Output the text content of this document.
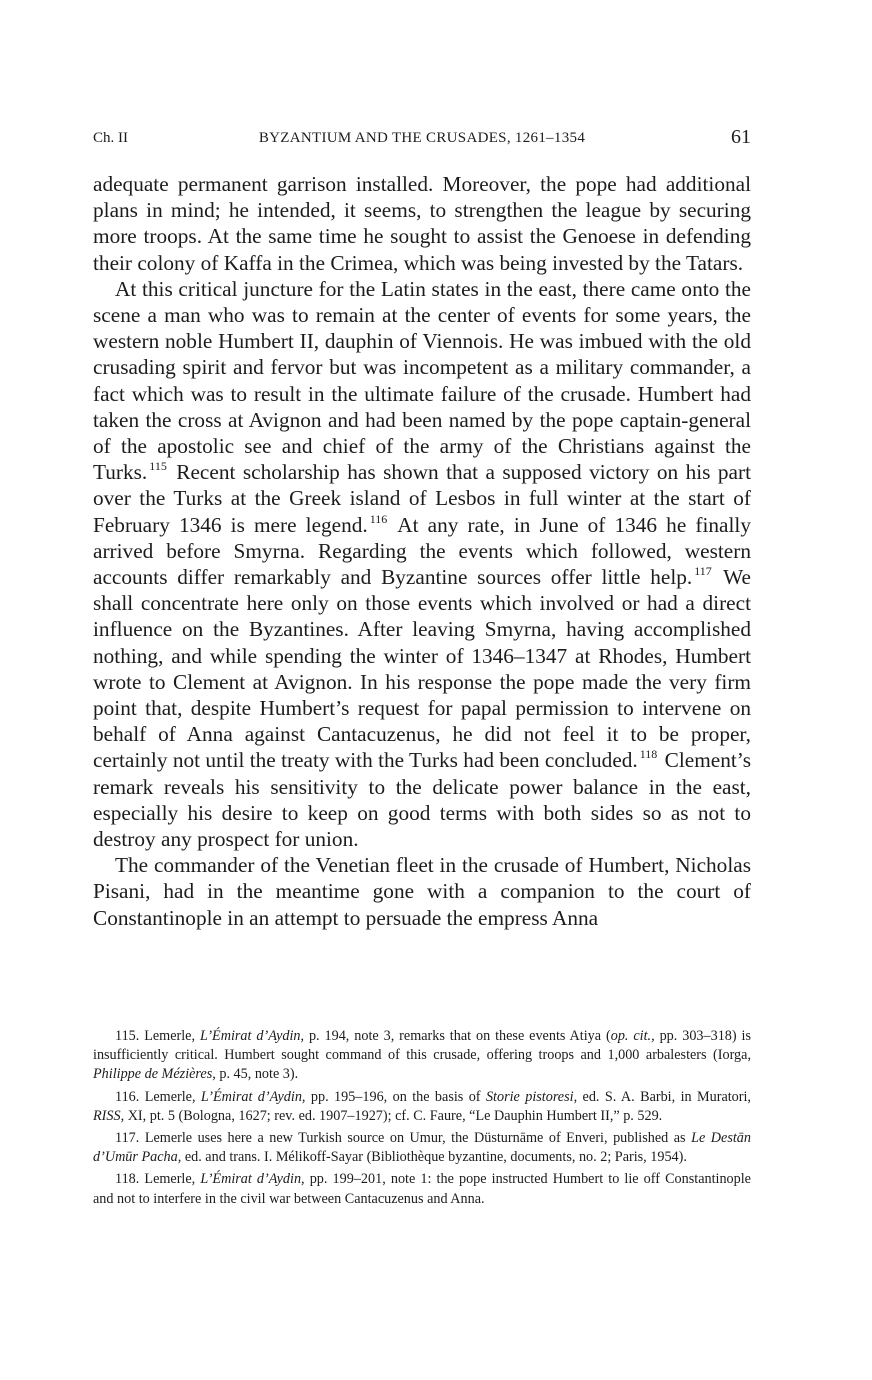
Ch. II	BYZANTIUM AND THE CRUSADES, 1261–1354	61

adequate permanent garrison installed. Moreover, the pope had additional plans in mind; he intended, it seems, to strengthen the league by securing more troops. At the same time he sought to assist the Genoese in defending their colony of Kaffa in the Crimea, which was being invested by the Tatars.

At this critical juncture for the Latin states in the east, there came onto the scene a man who was to remain at the center of events for some years, the western noble Humbert II, dauphin of Viennois. He was imbued with the old crusading spirit and fervor but was incompetent as a military commander, a fact which was to result in the ultimate failure of the crusade. Humbert had taken the cross at Avignon and had been named by the pope captain-general of the apostolic see and chief of the army of the Christians against the Turks. $^{115}$ Recent scholarship has shown that a supposed victory on his part over the Turks at the Greek island of Lesbos in full winter at the start of February 1346 is mere legend. $^{116}$ At any rate, in June of 1346 he finally arrived before Smyrna. Regarding the events which followed, western accounts differ remarkably and Byzantine sources offer little help. $^{117}$ We shall concentrate here only on those events which involved or had a direct influence on the Byzantines. After leaving Smyrna, having accomplished nothing, and while spending the winter of 1346–1347 at Rhodes, Humbert wrote to Clement at Avignon. In his response the pope made the very firm point that, despite Humbert’s request for papal permission to intervene on behalf of Anna against Cantacuzenus, he did not feel it to be proper, certainly not until the treaty with the Turks had been concluded. $^{118}$ Clement’s remark reveals his sensitivity to the delicate power balance in the east, especially his desire to keep on good terms with both sides so as not to destroy any prospect for union.

The commander of the Venetian fleet in the crusade of Humbert, Nicholas Pisani, had in the meantime gone with a companion to the court of Constantinople in an attempt to persuade the empress Anna

115. Lemerle, L’Émirat d’Aydin, p. 194, note 3, remarks that on these events Atiya (op. cit., pp. 303–318) is insufficiently critical. Humbert sought command of this crusade, offering troops and 1,000 arbalesters (Iorga, Philippe de Mézières, p. 45, note 3).

116. Lemerle, L’Émirat d’Aydin, pp. 195–196, on the basis of Storie pistoresi, ed. S. A. Barbi, in Muratori, RISS, XI, pt. 5 (Bologna, 1627; rev. ed. 1907–1927); cf. C. Faure, “Le Dauphin Humbert II,” p. 529.

117. Lemerle uses here a new Turkish source on Umur, the Düsturnāme of Enveri, published as Le Destān d’Umūr Pacha, ed. and trans. I. Mélikoff-Sayar (Bibliothèque byzantine, documents, no. 2; Paris, 1954).

118. Lemerle, L’Émirat d’Aydin, pp. 199–201, note 1: the pope instructed Humbert to lie off Constantinople and not to interfere in the civil war between Cantacuzenus and Anna.
